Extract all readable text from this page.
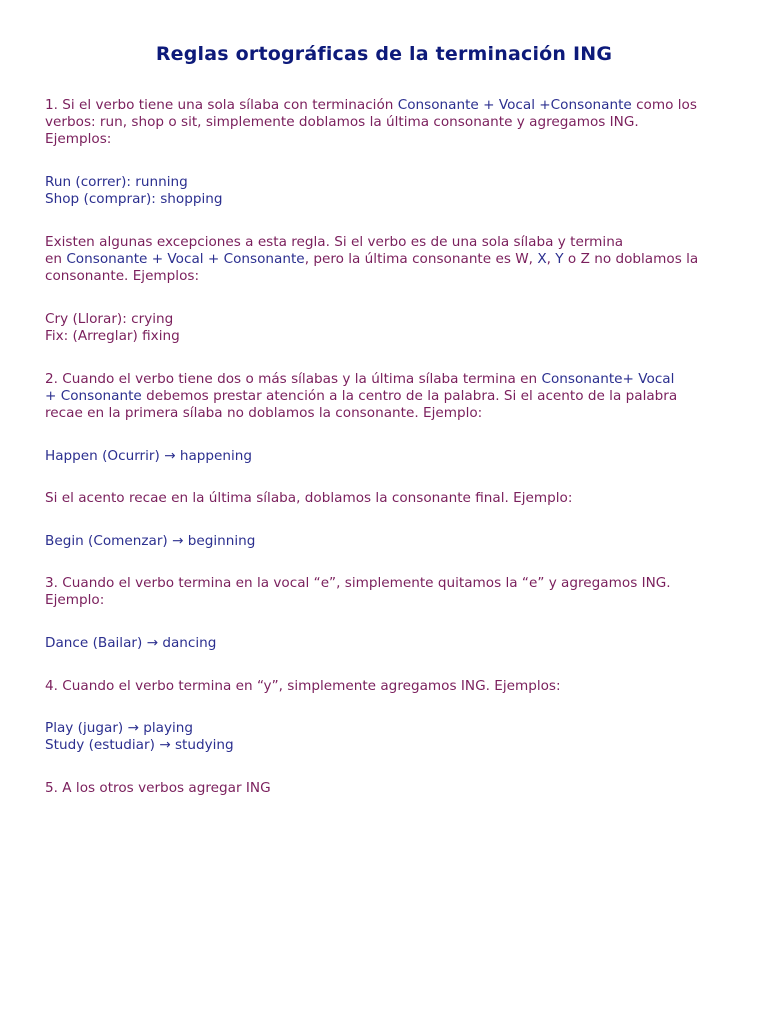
Reglas ortográficas de la terminación ING

1. Si el verbo tiene una sola sílaba con terminación Consonante + Vocal +Consonante como los
verbos: run, shop o sit, simplemente doblamos la última consonante y agregamos ING.
Ejemplos:

Run (correr): running
Shop (comprar): shopping

Existen algunas excepciones a esta regla. Si el verbo es de una sola sílaba y termina
en Consonante + Vocal + Consonante, pero la última consonante es W, X, Y o Z no doblamos la
consonante. Ejemplos:

Cry (Llorar): crying
Fix: (Arreglar) fixing

2. Cuando el verbo tiene dos o más sílabas y la última sílaba termina en Consonante+ Vocal
+ Consonante debemos prestar atención a la centro de la palabra. Si el acento de la palabra
recae en la primera sílaba no doblamos la consonante. Ejemplo:

Happen (Ocurrir) → happening

Si el acento recae en la última sílaba, doblamos la consonante final. Ejemplo:

Begin (Comenzar) → beginning

3. Cuando el verbo termina en la vocal “e”, simplemente quitamos la “e” y agregamos ING.
Ejemplo:

Dance (Bailar) → dancing

4. Cuando el verbo termina en “y”, simplemente agregamos ING. Ejemplos:

Play (jugar) → playing
Study (estudiar) → studying

5. A los otros verbos agregar ING
